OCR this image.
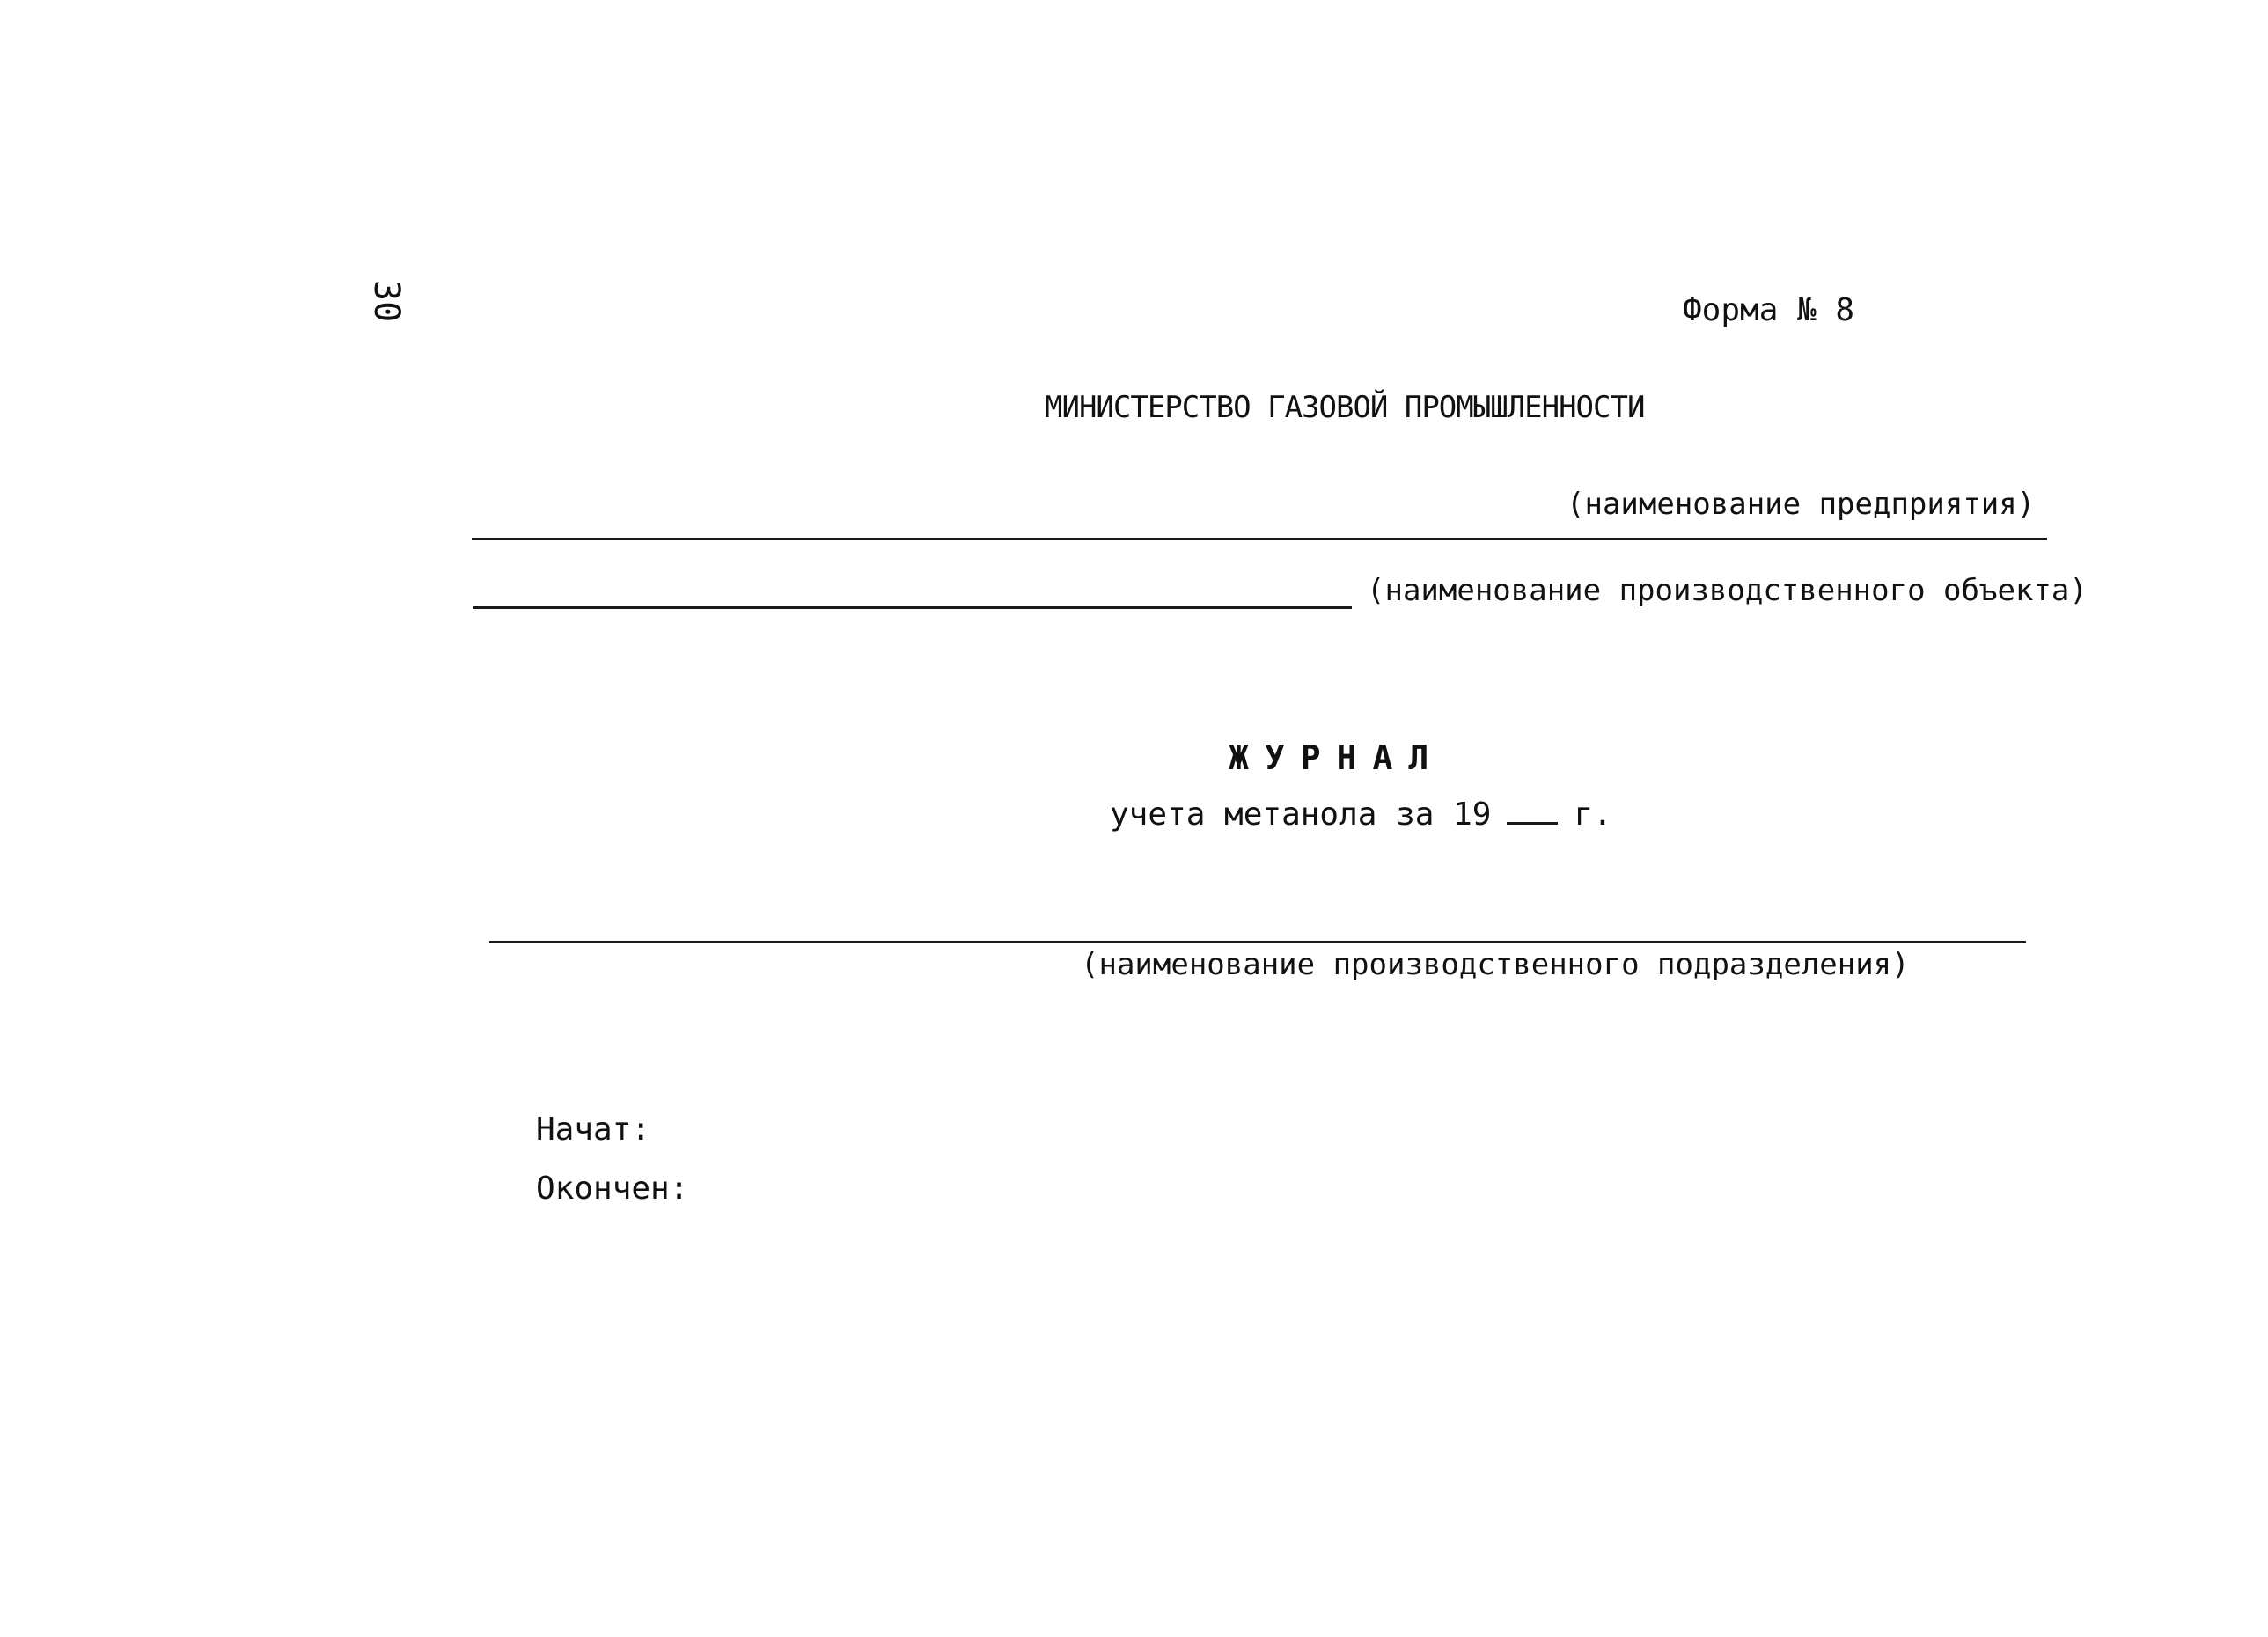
30	Форма № 8
МИНИСТЕРСТВО ГАЗОВОЙ ПРОМЫШЛЕННОСТИ
(наименование предприятия)
(наименование производственного объекта)
ЖУРНАЛ
учета метанола за 19	г.
(наименование производственного подразделения)
Начат:
Окончен:
